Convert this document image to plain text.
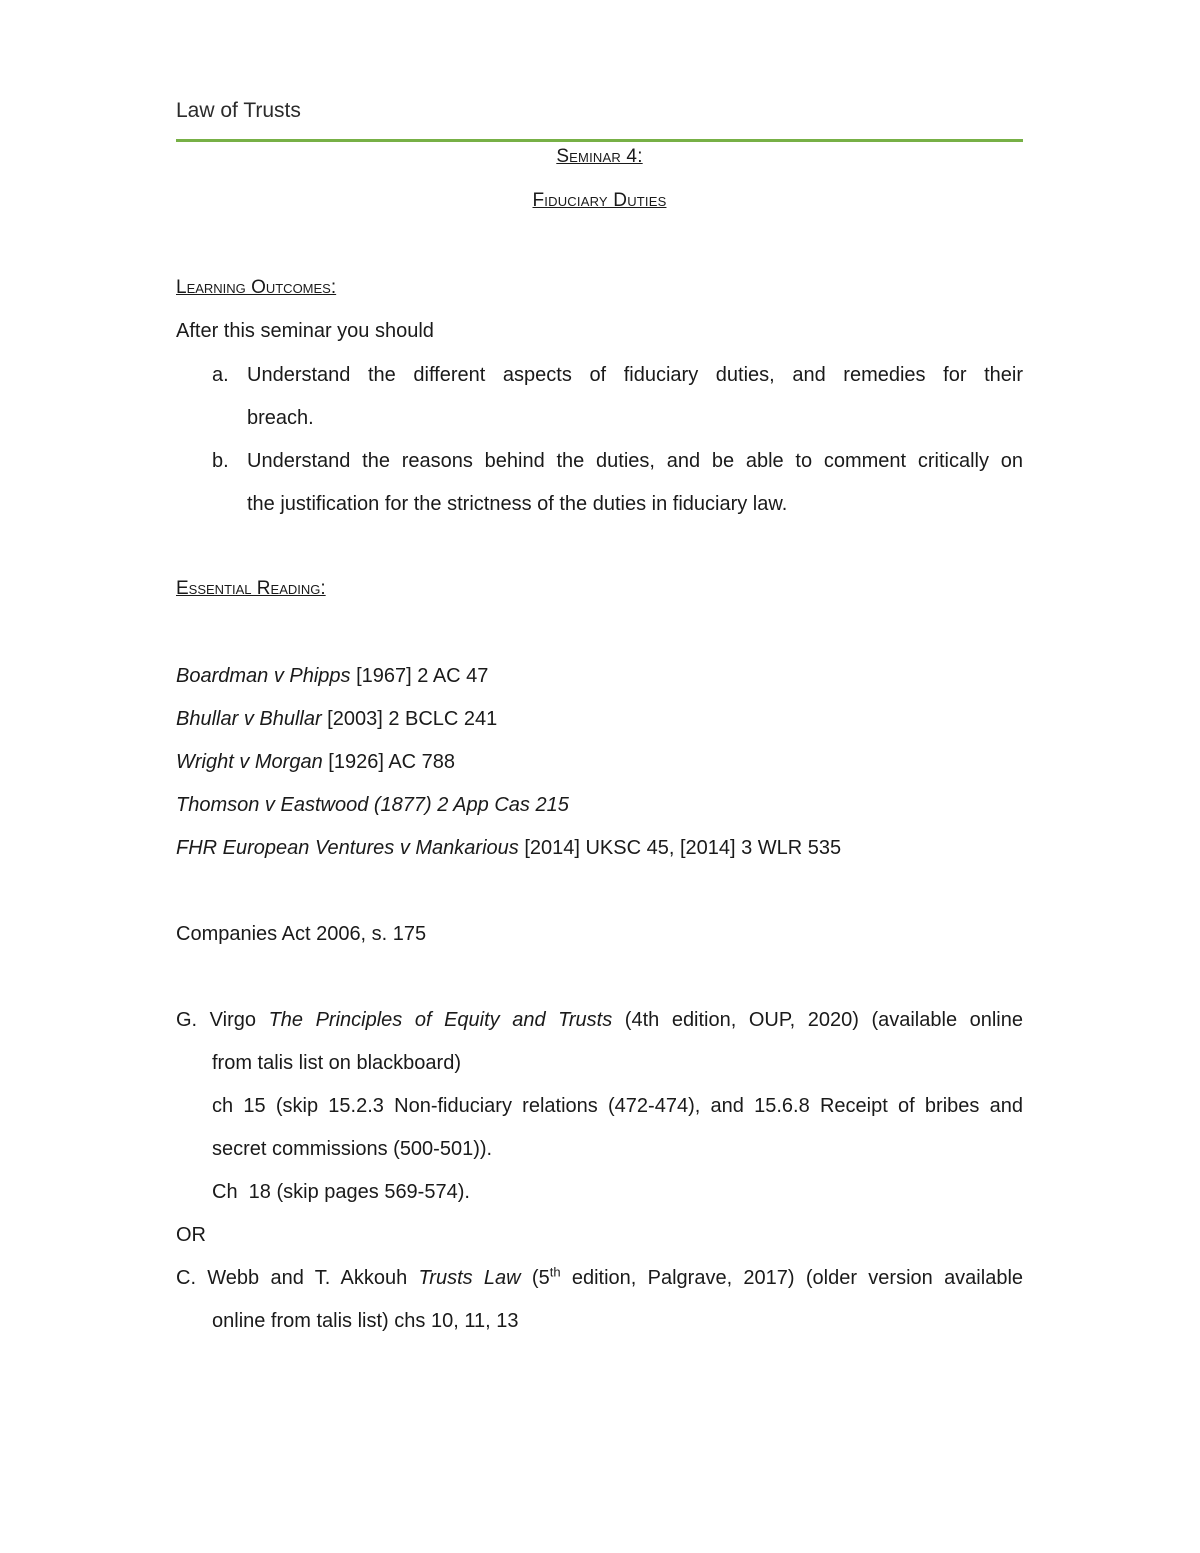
Law of Trusts
Seminar 4:
Fiduciary Duties
Learning Outcomes:
After this seminar you should
a. Understand the different aspects of fiduciary duties, and remedies for their
breach.
b. Understand the reasons behind the duties, and be able to comment critically on
the justification for the strictness of the duties in fiduciary law.
Essential Reading:
Boardman v Phipps [1967] 2 AC 47
Bhullar v Bhullar [2003] 2 BCLC 241
Wright v Morgan [1926] AC 788
Thomson v Eastwood (1877) 2 App Cas 215
FHR European Ventures v Mankarious [2014] UKSC 45, [2014] 3 WLR 535
Companies Act 2006, s. 175
G. Virgo The Principles of Equity and Trusts (4th edition, OUP, 2020) (available online
from talis list on blackboard)
ch 15 (skip 15.2.3 Non-fiduciary relations (472-474), and 15.6.8 Receipt of bribes and
secret commissions (500-501)).
Ch  18 (skip pages 569-574).
OR
C. Webb and T. Akkouh Trusts Law (5th edition, Palgrave, 2017) (older version available
online from talis list) chs 10, 11, 13
